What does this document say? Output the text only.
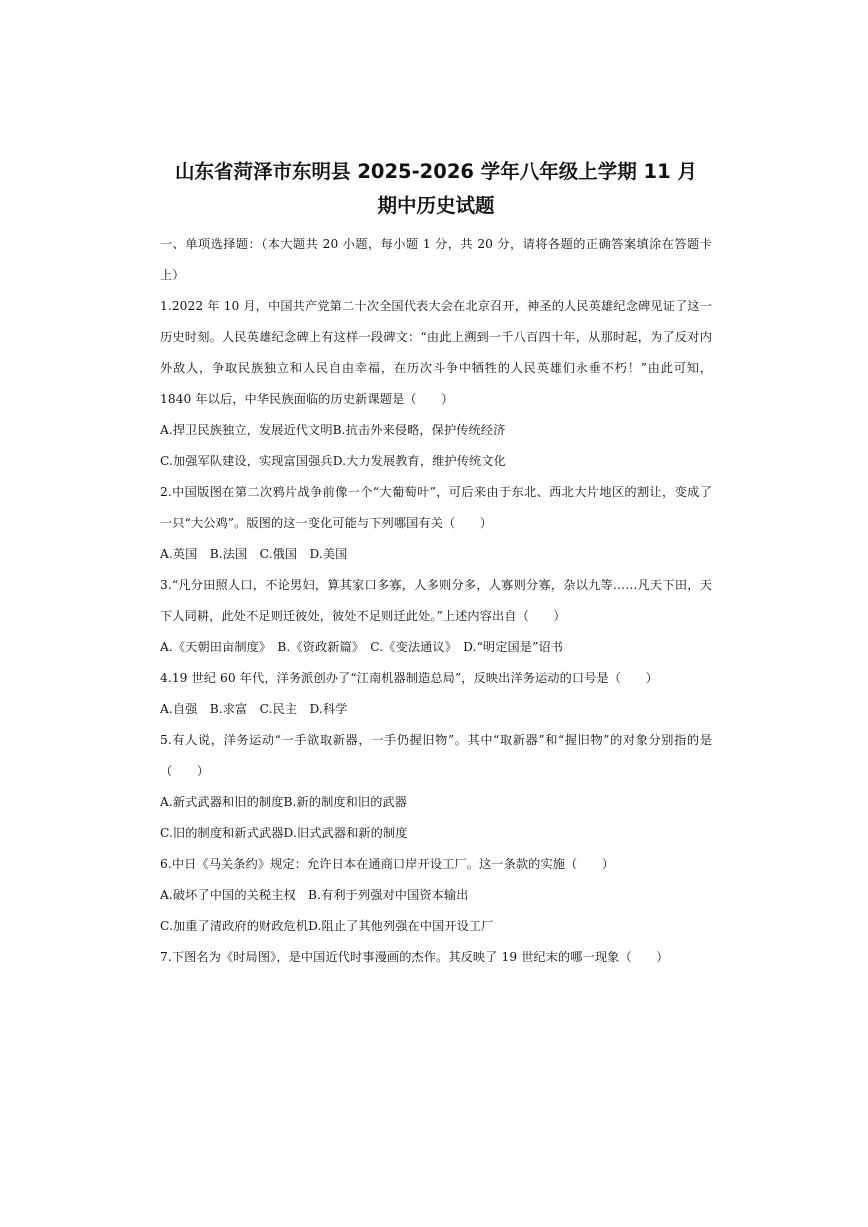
山东省菏泽市东明县 2025-2026 学年八年级上学期 11 月
期中历史试题

一、单项选择题：（本大题共 20 小题，每小题 1 分，共 20 分，请将各题的正确答案填涂在答题卡上）

1.2022 年 10 月，中国共产党第二十次全国代表大会在北京召开，神圣的人民英雄纪念碑见证了这一历史时刻。人民英雄纪念碑上有这样一段碑文：“由此上溯到一千八百四十年，从那时起，为了反对内外敌人，争取民族独立和人民自由幸福，在历次斗争中牺牲的人民英雄们永垂不朽！”由此可知，1840 年以后，中华民族面临的历史新课题是（　　）

A.捍卫民族独立，发展近代文明B.抗击外来侵略，保护传统经济

C.加强军队建设，实现富国强兵D.大力发展教育，维护传统文化

2.中国版图在第二次鸦片战争前像一个“大葡萄叶”，可后来由于东北、西北大片地区的割让，变成了一只“大公鸡”。版图的这一变化可能与下列哪国有关（　　）

A.英国　B.法国　C.俄国　D.美国

3.“凡分田照人口，不论男妇，算其家口多寡，人多则分多，人寡则分寡，杂以九等……凡天下田，天下人同耕，此处不足则迁彼处，彼处不足则迁此处。”上述内容出自（　　）

A.《天朝田亩制度》　B.《资政新篇》　C.《变法通议》　D.“明定国是”诏书

4.19 世纪 60 年代，洋务派创办了“江南机器制造总局”，反映出洋务运动的口号是（　　）

A.自强　B.求富　C.民主　D.科学

5.有人说，洋务运动“一手欲取新器，一手仍握旧物”。其中“取新器”和“握旧物”的对象分别指的是（　　）

A.新式武器和旧的制度B.新的制度和旧的武器

C.旧的制度和新式武器D.旧式武器和新的制度

6.中日《马关条约》规定：允许日本在通商口岸开设工厂。这一条款的实施（　　）

A.破坏了中国的关税主权　B.有利于列强对中国资本输出

C.加重了清政府的财政危机D.阻止了其他列强在中国开设工厂

7.下图名为《时局图》，是中国近代时事漫画的杰作。其反映了 19 世纪末的哪一现象（　　）
